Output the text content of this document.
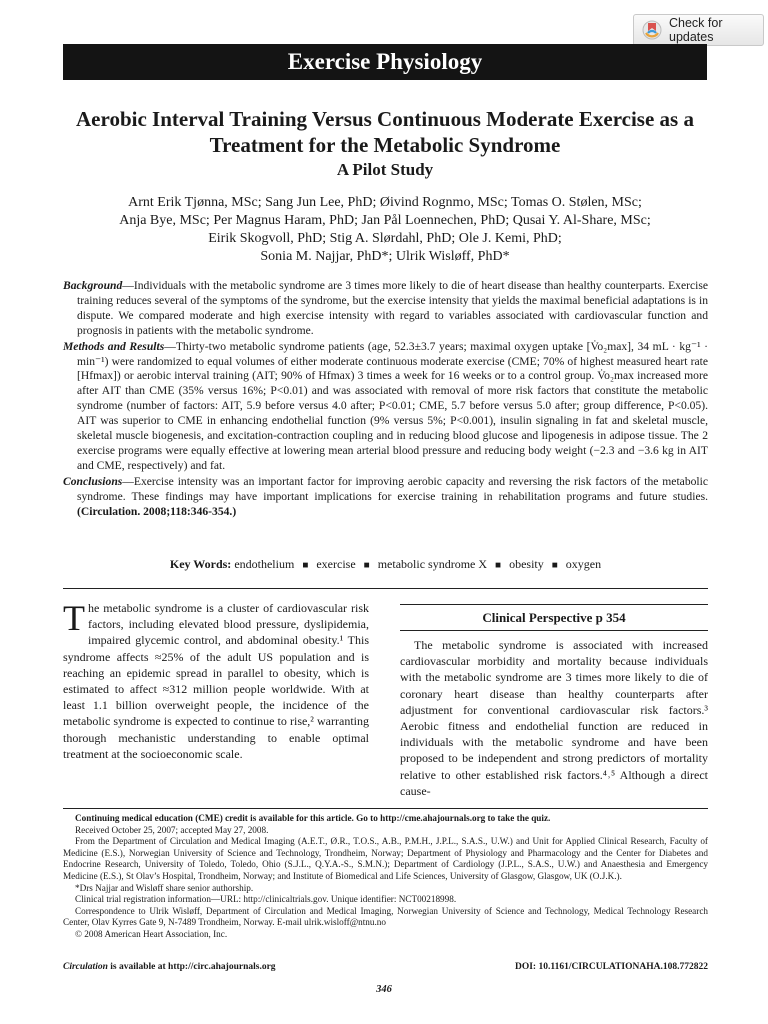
Check for updates
Exercise Physiology
Aerobic Interval Training Versus Continuous Moderate Exercise as a Treatment for the Metabolic Syndrome
A Pilot Study
Arnt Erik Tjønna, MSc; Sang Jun Lee, PhD; Øivind Rognmo, MSc; Tomas O. Stølen, MSc;
Anja Bye, MSc; Per Magnus Haram, PhD; Jan Pål Loennechen, PhD; Qusai Y. Al-Share, MSc;
Eirik Skogvoll, PhD; Stig A. Slørdahl, PhD; Ole J. Kemi, PhD;
Sonia M. Najjar, PhD*; Ulrik Wisløff, PhD*

Background—Individuals with the metabolic syndrome are 3 times more likely to die of heart disease than healthy counterparts. Exercise training reduces several of the symptoms of the syndrome, but the exercise intensity that yields the maximal beneficial adaptations is in dispute. We compared moderate and high exercise intensity with regard to variables associated with cardiovascular function and prognosis in patients with the metabolic syndrome.

Methods and Results—Thirty-two metabolic syndrome patients (age, 52.3±3.7 years; maximal oxygen uptake [V̇o₂max], 34 mL · kg⁻¹ · min⁻¹) were randomized to equal volumes of either moderate continuous moderate exercise (CME; 70% of highest measured heart rate [Hfmax]) or aerobic interval training (AIT; 90% of Hfmax) 3 times a week for 16 weeks or to a control group. V̇o₂max increased more after AIT than CME (35% versus 16%; P<0.01) and was associated with removal of more risk factors that constitute the metabolic syndrome (number of factors: AIT, 5.9 before versus 4.0 after; P<0.01; CME, 5.7 before versus 5.0 after; group difference, P<0.05). AIT was superior to CME in enhancing endothelial function (9% versus 5%; P<0.001), insulin signaling in fat and skeletal muscle, skeletal muscle biogenesis, and excitation-contraction coupling and in reducing blood glucose and lipogenesis in adipose tissue. The 2 exercise programs were equally effective at lowering mean arterial blood pressure and reducing body weight (−2.3 and −3.6 kg in AIT and CME, respectively) and fat.

Conclusions—Exercise intensity was an important factor for improving aerobic capacity and reversing the risk factors of the metabolic syndrome. These findings may have important implications for exercise training in rehabilitation programs and future studies. (Circulation. 2008;118:346-354.)

Key Words: endothelium ■ exercise ■ metabolic syndrome X ■ obesity ■ oxygen
The metabolic syndrome is a cluster of cardiovascular risk factors, including elevated blood pressure, dyslipidemia, impaired glycemic control, and abdominal obesity.¹ This syndrome affects ≈25% of the adult US population and is reaching an epidemic spread in parallel to obesity, which is estimated to affect ≈312 million people worldwide. With at least 1.1 billion overweight people, the incidence of the metabolic syndrome is expected to continue to rise,² warranting thorough mechanistic understanding to enable optimal treatment at the socioeconomic scale.
Clinical Perspective p 354
The metabolic syndrome is associated with increased cardiovascular morbidity and mortality because individuals with the metabolic syndrome are 3 times more likely to die of coronary heart disease than healthy counterparts after adjustment for conventional cardiovascular risk factors.³ Aerobic fitness and endothelial function are reduced in individuals with the metabolic syndrome and have been proposed to be independent and strong predictors of mortality relative to other established risk factors.⁴˒⁵ Although a direct cause-

Continuing medical education (CME) credit is available for this article. Go to http://cme.ahajournals.org to take the quiz.

Received October 25, 2007; accepted May 27, 2008.

From the Department of Circulation and Medical Imaging (A.E.T., Ø.R., T.O.S., A.B., P.M.H., J.P.L., S.A.S., U.W.) and Unit for Applied Clinical Research, Faculty of Medicine (E.S.), Norwegian University of Science and Technology, Trondheim, Norway; Department of Physiology and Pharmacology and the Center for Diabetes and Endocrine Research, University of Toledo, Toledo, Ohio (S.J.L., Q.Y.A.-S., S.M.N.); Department of Cardiology (J.P.L., S.A.S., U.W.) and Anaesthesia and Emergency Medicine (E.S.), St Olav’s Hospital, Trondheim, Norway; and Institute of Biomedical and Life Sciences, University of Glasgow, Glasgow, UK (O.J.K.).

*Drs Najjar and Wisløff share senior authorship.

Clinical trial registration information—URL: http://clinicaltrials.gov. Unique identifier: NCT00218998.

Correspondence to Ulrik Wisløff, Department of Circulation and Medical Imaging, Norwegian University of Science and Technology, Medical Technology Research Center, Olav Kyrres Gate 9, N-7489 Trondheim, Norway. E-mail ulrik.wisloff@ntnu.no

© 2008 American Heart Association, Inc.

Circulation is available at http://circ.ahajournals.org	DOI: 10.1161/CIRCULATIONAHA.108.772822
346
